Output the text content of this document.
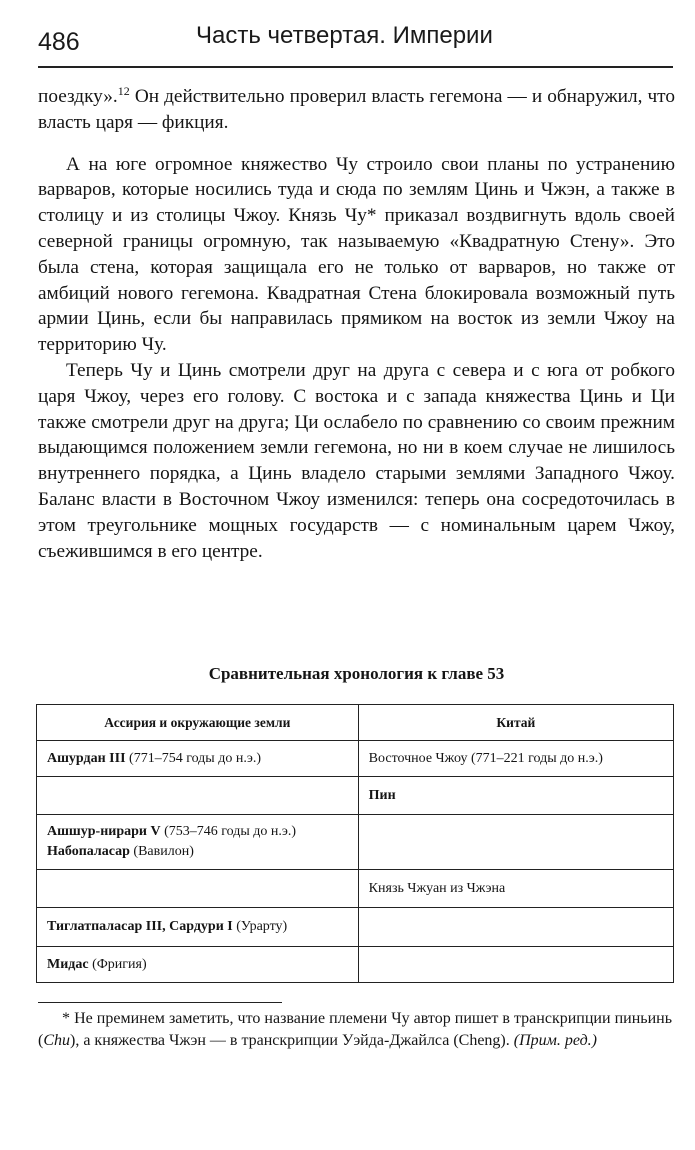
486	Часть четвертая. Империи

поездку».$^{12}$ Он действительно проверил власть гегемона — и обнаружил, что власть царя — фикция.

А на юге огромное княжество Чу строило свои планы по устранению варваров, которые носились туда и сюда по землям Цинь и Чжэн, а также в столицу и из столицы Чжоу. Князь Чу* приказал воздвигнуть вдоль своей северной границы огромную, так называемую «Квадратную Стену». Это была стена, которая защищала его не только от варваров, но также от амбиций нового гегемона. Квадратная Стена блокировала возможный путь армии Цинь, если бы направилась прямиком на восток из земли Чжоу на территорию Чу.

Теперь Чу и Цинь смотрели друг на друга с севера и с юга от робкого царя Чжоу, через его голову. С востока и с запада княжества Цинь и Ци также смотрели друг на друга; Ци ослабело по сравнению со своим прежним выдающимся положением земли гегемона, но ни в коем случае не лишилось внутреннего порядка, а Цинь владело старыми землями Западного Чжоу. Баланс власти в Восточном Чжоу изменился: теперь она сосредоточилась в этом треугольнике мощных государств — с номинальным царем Чжоу, съежившимся в его центре.

Сравнительная хронология к главе 53
Ассирия и окружающие земли	Китай
Ашурдан III (771–754 годы до н.э.)	Восточное Чжоу (771–221 годы до н.э.)
	Пин
Ашшур-нирари V (753–746 годы до н.э.) Набопаласар (Вавилон)	
	Князь Чжуан из Чжэна
Тиглатпаласар III, Сардури I (Урарту)	
Мидас (Фригия)	
* Не преминем заметить, что название племени Чу автор пишет в транскрипции пиньинь (Chu), а княжества Чжэн — в транскрипции Уэйда-Джайлса (Cheng). (Прим. ред.)
